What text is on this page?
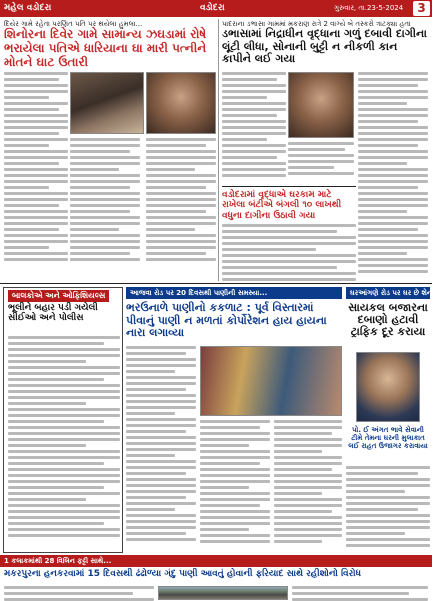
મહેલ વડોદરા	વડોદરા	ગુરુવાર, તા.23-5-2024	3
દિયેર ગામે રહેતા પરણિત પતિ પર થયેલા હુમલા...
શિનોરના દિવેર ગામે સામાન્ય ઝઘડામાં રોષે ભરાયેલા પતિએ ધારિયાના ઘા મારી પત્નીને મોતને ઘાટ ઉતારી
પાદરાના ડભાસા ગામમાં મકરાણ રાત્રે 2 વાગ્યે બે તસ્કરો ત્રાટક્યા હતા
ડભાસામાં નિદ્રાધીન વૃદ્ધાના ગળું દબાવી દાગીના લૂંટી લીધા, સોનાની બુટ્ટી ન નીકળી કાન કાપીને લઈ ગયા
વડોદરામાં વૃદ્ધાએ ઘરકામ માટે રાખેલા બંટીએ બંગલી ૧૦ લાખથી વધુના દાગીના ઉઠાવી ગયા
બાલકોએ અને ઓફિશિયલ્સ
ભૂલીને બહાર પડી ગયેલી સીઈઓ અને પોલીસ
આજવા રોડ પર 20 દિવસથી પાણીની સમસ્યા...
ભરઉનાળે પાણીનો કકળાટ : પૂર્વ વિસ્તારમાં પીવાનું પાણી ન મળતાં કોર્પોરેશન હાય હાયના નારા લગાવ્યા
ઘરઆંગણે રોડ પર ઘર છે શેના...
સાયકલ બજારના દબાણો હટાવી ટ્રાફિક દૂર કરાયા
પો. ઈ અંગત ભાવે સેવાની ટીમે તેમના ઘરની મુલાકાત લઈ રાહત ઉજાગર કરાવાયા
1 કલાકમાંથી 28 વિલિન ફટ્ટી સાથે...
મકરપુરના હનકરવામાં 15 દિવસથી ઢંઢોળ્યા ગંદુ પાણી આવતું હોવાની ફરિયાદ સાથે રહીશોનો વિરોધ
